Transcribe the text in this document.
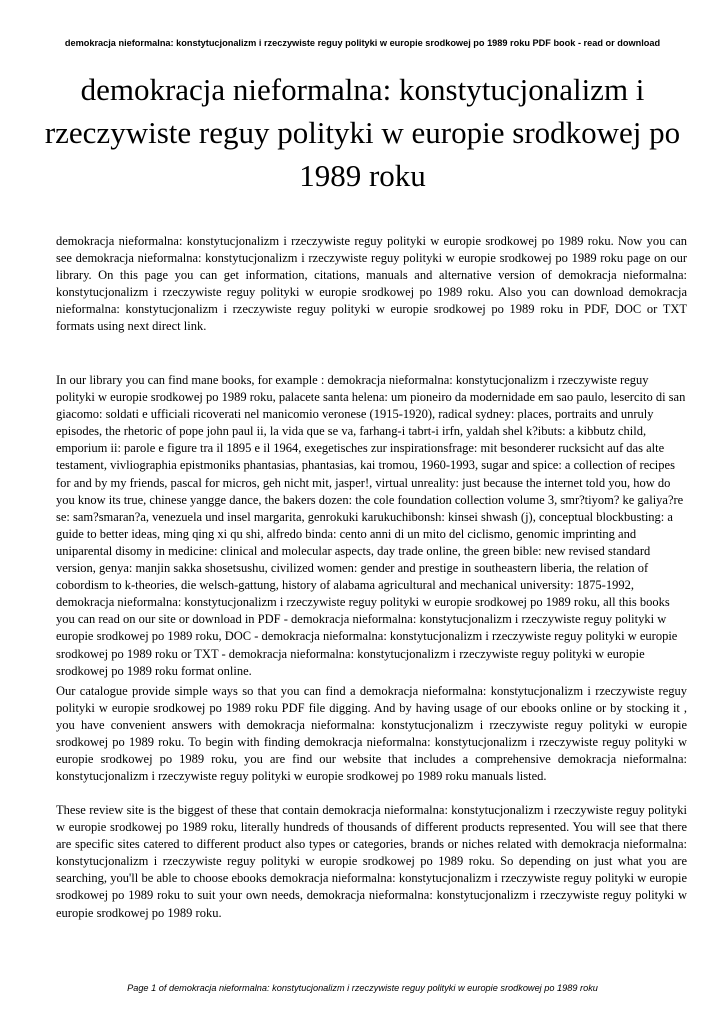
demokracja nieformalna: konstytucjonalizm i rzeczywiste reguy polityki w europie srodkowej po 1989 roku PDF book - read or download
demokracja nieformalna: konstytucjonalizm i rzeczywiste reguy polityki w europie srodkowej po 1989 roku

demokracja nieformalna: konstytucjonalizm i rzeczywiste reguy polityki w europie srodkowej po 1989 roku. Now you can see demokracja nieformalna: konstytucjonalizm i rzeczywiste reguy polityki w europie srodkowej po 1989 roku page on our library. On this page you can get information, citations, manuals and alternative version of demokracja nieformalna: konstytucjonalizm i rzeczywiste reguy polityki w europie srodkowej po 1989 roku. Also you can download demokracja nieformalna: konstytucjonalizm i rzeczywiste reguy polityki w europie srodkowej po 1989 roku in PDF, DOC or TXT formats using next direct link.

In our library you can find mane books, for example : demokracja nieformalna: konstytucjonalizm i rzeczywiste reguy polityki w europie srodkowej po 1989 roku, palacete santa helena: um pioneiro da modernidade em sao paulo, lesercito di san giacomo: soldati e ufficiali ricoverati nel manicomio veronese (1915-1920), radical sydney: places, portraits and unruly episodes, the rhetoric of pope john paul ii, la vida que se va, farhang-i tabrt-i irfn, yaldah shel k?ibuts: a kibbutz child, emporium ii: parole e figure tra il 1895 e il 1964, exegetisches zur inspirationsfrage: mit besonderer rucksicht auf das alte testament, vivliographia epistmoniks phantasias, phantasias, kai tromou, 1960-1993, sugar and spice: a collection of recipes for and by my friends, pascal for micros, geh nicht mit, jasper!, virtual unreality: just because the internet told you, how do you know its true, chinese yangge dance, the bakers dozen: the cole foundation collection volume 3, smr?tiyom? ke galiya?re se: sam?smaran?a, venezuela und insel margarita, genrokuki karukuchibonsh: kinsei shwash (j), conceptual blockbusting: a guide to better ideas, ming qing xi qu shi, alfredo binda: cento anni di un mito del ciclismo, genomic imprinting and uniparental disomy in medicine: clinical and molecular aspects, day trade online, the green bible: new revised standard version, genya: manjin sakka shosetsushu, civilized women: gender and prestige in southeastern liberia, the relation of cobordism to k-theories, die welsch-gattung, history of alabama agricultural and mechanical university: 1875-1992, demokracja nieformalna: konstytucjonalizm i rzeczywiste reguy polityki w europie srodkowej po 1989 roku, all this books you can read on our site or download in PDF - demokracja nieformalna: konstytucjonalizm i rzeczywiste reguy polityki w europie srodkowej po 1989 roku, DOC - demokracja nieformalna: konstytucjonalizm i rzeczywiste reguy polityki w europie srodkowej po 1989 roku or TXT - demokracja nieformalna: konstytucjonalizm i rzeczywiste reguy polityki w europie srodkowej po 1989 roku format online.

Our catalogue provide simple ways so that you can find a demokracja nieformalna: konstytucjonalizm i rzeczywiste reguy polityki w europie srodkowej po 1989 roku PDF file digging. And by having usage of our ebooks online or by stocking it , you have convenient answers with demokracja nieformalna: konstytucjonalizm i rzeczywiste reguy polityki w europie srodkowej po 1989 roku. To begin with finding demokracja nieformalna: konstytucjonalizm i rzeczywiste reguy polityki w europie srodkowej po 1989 roku, you are find our website that includes a comprehensive demokracja nieformalna: konstytucjonalizm i rzeczywiste reguy polityki w europie srodkowej po 1989 roku manuals listed.

These review site is the biggest of these that contain demokracja nieformalna: konstytucjonalizm i rzeczywiste reguy polityki w europie srodkowej po 1989 roku, literally hundreds of thousands of different products represented. You will see that there are specific sites catered to different product also types or categories, brands or niches related with demokracja nieformalna: konstytucjonalizm i rzeczywiste reguy polityki w europie srodkowej po 1989 roku. So depending on just what you are searching, you'll be able to choose ebooks demokracja nieformalna: konstytucjonalizm i rzeczywiste reguy polityki w europie srodkowej po 1989 roku to suit your own needs, demokracja nieformalna: konstytucjonalizm i rzeczywiste reguy polityki w europie srodkowej po 1989 roku.

Page 1 of demokracja nieformalna: konstytucjonalizm i rzeczywiste reguy polityki w europie srodkowej po 1989 roku
